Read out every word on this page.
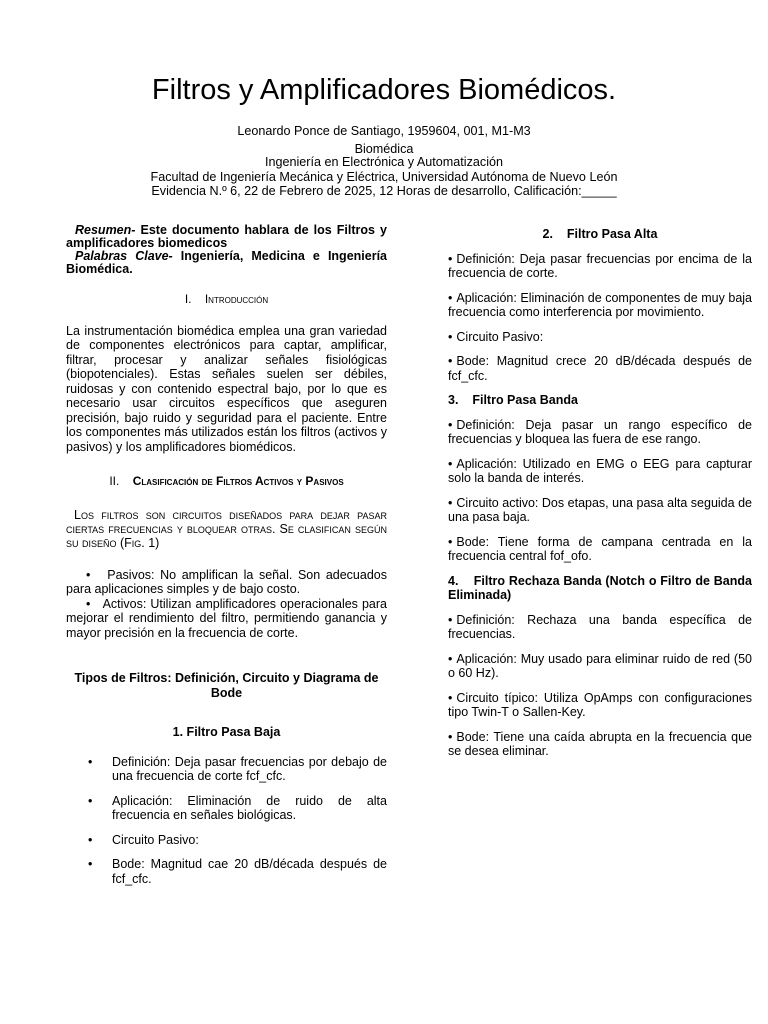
Filtros y Amplificadores Biomédicos.
Leonardo Ponce de Santiago, 1959604, 001, M1-M3
Biomédica
Ingeniería en Electrónica y Automatización
Facultad de Ingeniería Mecánica y Eléctrica, Universidad Autónoma de Nuevo León
Evidencia N.º 6, 22 de Febrero de 2025, 12 Horas de desarrollo, Calificación:_____

Resumen- Este documento hablara de los Filtros y amplificadores biomedicos

Palabras Clave- Ingeniería, Medicina e Ingeniería Biomédica.

I. Introducción

La instrumentación biomédica emplea una gran variedad de componentes electrónicos para captar, amplificar, filtrar, procesar y analizar señales fisiológicas (biopotenciales). Estas señales suelen ser débiles, ruidosas y con contenido espectral bajo, por lo que es necesario usar circuitos específicos que aseguren precisión, bajo ruido y seguridad para el paciente. Entre los componentes más utilizados están los filtros (activos y pasivos) y los amplificadores biomédicos.

II. Clasificación de Filtros Activos y Pasivos

Los filtros son circuitos diseñados para dejar pasar ciertas frecuencias y bloquear otras. Se clasifican según su diseño (Fig. 1)

• Pasivos: No amplifican la señal. Son adecuados para aplicaciones simples y de bajo costo.

• Activos: Utilizan amplificadores operacionales para mejorar el rendimiento del filtro, permitiendo ganancia y mayor precisión en la frecuencia de corte.

Tipos de Filtros: Definición, Circuito y Diagrama de Bode

1. Filtro Pasa Baja

• Definición: Deja pasar frecuencias por debajo de una frecuencia de corte fcf_cfc.

• Aplicación: Eliminación de ruido de alta frecuencia en señales biológicas.

• Circuito Pasivo:

• Bode: Magnitud cae 20 dB/década después de fcf_cfc.

2. Filtro Pasa Alta

• Definición: Deja pasar frecuencias por encima de la frecuencia de corte.

• Aplicación: Eliminación de componentes de muy baja frecuencia como interferencia por movimiento.

• Circuito Pasivo:

• Bode: Magnitud crece 20 dB/década después de fcf_cfc.

3. Filtro Pasa Banda

• Definición: Deja pasar un rango específico de frecuencias y bloquea las fuera de ese rango.

• Aplicación: Utilizado en EMG o EEG para capturar solo la banda de interés.

• Circuito activo: Dos etapas, una pasa alta seguida de una pasa baja.

• Bode: Tiene forma de campana centrada en la frecuencia central fof_ofo.

4. Filtro Rechaza Banda (Notch o Filtro de Banda Eliminada)

• Definición: Rechaza una banda específica de frecuencias.

• Aplicación: Muy usado para eliminar ruido de red (50 o 60 Hz).

• Circuito típico: Utiliza OpAmps con configuraciones tipo Twin-T o Sallen-Key.

• Bode: Tiene una caída abrupta en la frecuencia que se desea eliminar.
